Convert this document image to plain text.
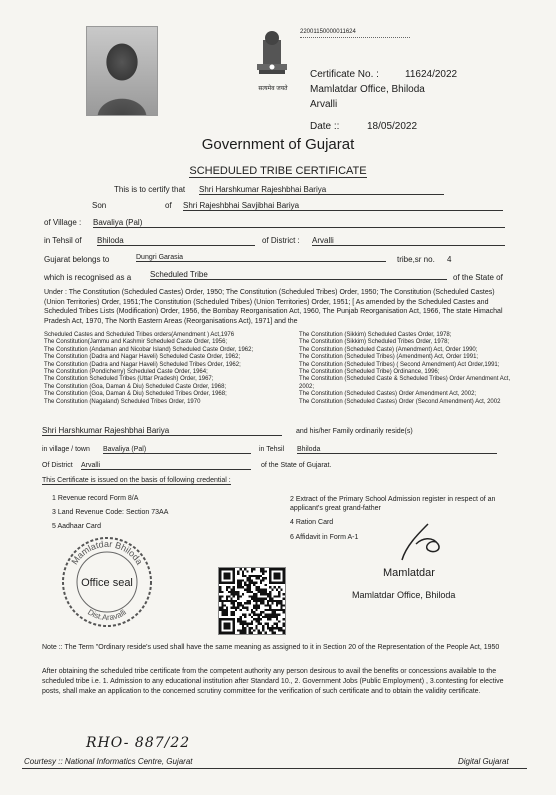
सत्यमेव जयते
22001150000011624
Certificate No. :	11624/2022
Mamlatdar Office, Bhiloda
Arvalli
Date ::	18/05/2022
Government of Gujarat
SCHEDULED TRIBE CERTIFICATE
This is to certify that Shri Harshkumar Rajeshbhai Bariya
Son	of Shri Rajeshbhai Savjibhai Bariya
of Village : Bavaliya (Pal)
in Tehsil of Bhiloda	of District : Arvalli
Gujarat belongs to	Dungri Garasia	tribe,sr no. 4
which is recognised as a Scheduled Tribe	of the State of
Under : The Constitution (Scheduled Castes) Order, 1950; The Constitution (Scheduled Tribes) Order, 1950; The Constitution (Scheduled Castes) (Union Territories) Order, 1951;The Constitution (Scheduled Tribes) (Union Territories) Order, 1951; [ As amended by the Scheduled Castes and Scheduled Tribes Lists (Modification) Order, 1956, the Bombay Reorganisation Act, 1960, The Punjab Reorganisation Act, 1966, The state Himachal Pradesh Act, 1970, The North Eastern Areas (Reorganisations Act), 1971] and the
Scheduled Castes and Scheduled Tribes orders(Amendment ) Act,1976
The Constitution(Jammu and Kashmir Scheduled Caste Order, 1956;
The Constitution (Andaman and Nicobar Island) Scheduled Caste Order, 1962;
The Constitution (Dadra and Nagar Haveli) Scheduled Caste Order, 1962;
The Constitution (Dadra and Nagar Haveli) Scheduled Tribes Order, 1962;
The Constitution (Pondicherry) Scheduled Caste Order, 1964;
The Constitution Scheduled Tribes (Uttar Pradesh) Order, 1967;
The Constitution (Goa, Daman & Diu) Scheduled Caste Order, 1968;
The Constitution (Goa, Daman & Diu) Scheduled Tribes Order, 1968;
The Constitution (Nagaland) Scheduled Tribes Order, 1970
The Constitution (Sikkim) Scheduled Castes Order, 1978;
The Constitution (Sikkim) Scheduled Tribes Order, 1978;
The Constitution (Scheduled Caste) (Amendment) Act, Order 1990;
The Constitution (Scheduled Tribes) (Amendment) Act, Order 1991;
The Constitution (Scheduled Tribes) ( Second Amendment) Act Order,1991;
The Constitution (Scheduled Tribe) Ordinance, 1996;
The Constitution (Scheduled Caste & Scheduled Tribes) Order Amendment Act, 2002;
The Constitution (Scheduled Castes) Order Amendment Act, 2002;
The Constitution (Scheduled Castes) Order (Second Amendment) Act, 2002
Shri Harshkumar Rajeshbhai Bariya	and his/her Family ordinarily reside(s)
in village / town Bavaliya (Pal)	in Tehsil Bhiloda
Of District Arvalli	of the State of Gujarat.
This Certificate is issued on the basis of following credential :
1 Revenue record Form 8/A
3 Land Revenue Code: Section 73AA
5 Aadhaar Card
2 Extract of the Primary School Admission register in respect of an applicant's great grand-father
4 Ration Card
6 Affidavit in Form A-1
Mamlatdar Bhiloda
Dist.Aravalli
Office seal
Mamlatdar
Mamlatdar Office, Bhiloda
Note :: The Term "Ordinary reside's used shall have the same meaning as assigned to it in Section 20 of the Representation of the People Act, 1950
After obtaining the scheduled tribe certificate from the competent authority any person desirous to avail the benefits or concessions available to the scheduled tribe i.e. 1. Admission to any educational institution after Standard 10., 2. Government Jobs (Public Employment) , 3.contesting for elective posts, shall make an application to the concerned scrutiny committee for the verification of such certificate and to obtain the validity certificate.
RHO- 887/22
Courtesy :: National Informatics Centre, Gujarat	Digital Gujarat
